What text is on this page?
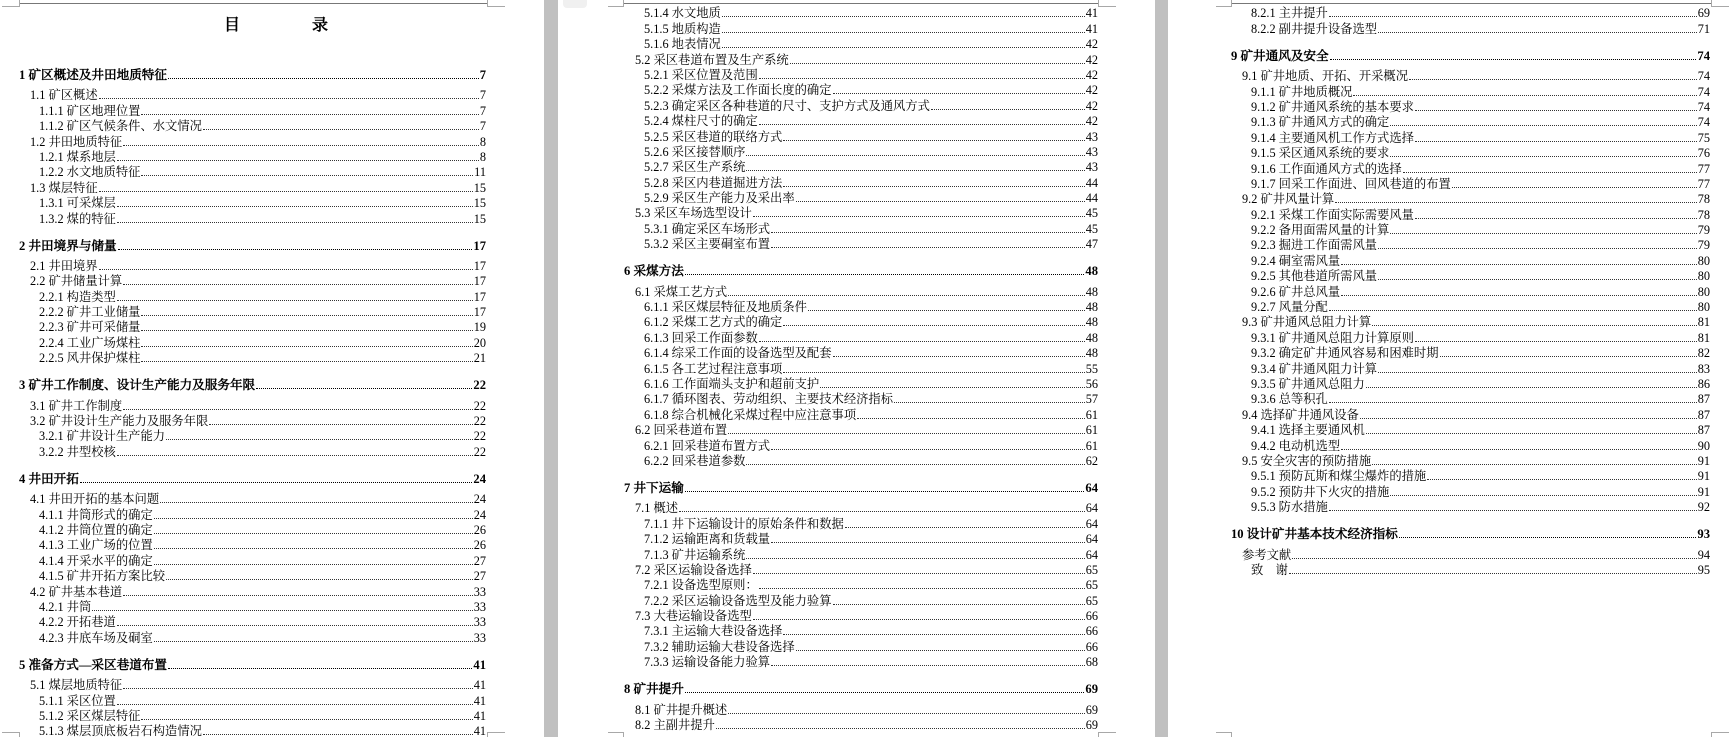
目　录
1 矿区概述及井田地质特征	7
1.1 矿区概述	7
1.1.1 矿区地理位置	7
1.1.2 矿区气候条件、水文情况	7
1.2 井田地质特征	8
1.2.1 煤系地层	8
1.2.2 水文地质特征	11
1.3 煤层特征	15
1.3.1 可采煤层	15
1.3.2 煤的特征	15
2 井田境界与储量	17
2.1 井田境界	17
2.2 矿井储量计算	17
2.2.1 构造类型	17
2.2.2 矿井工业储量	17
2.2.3 矿井可采储量	19
2.2.4 工业广场煤柱	20
2.2.5 风井保护煤柱	21
3 矿井工作制度、设计生产能力及服务年限	22
3.1 矿井工作制度	22
3.2 矿井设计生产能力及服务年限	22
3.2.1 矿井设计生产能力	22
3.2.2 井型校核	22
4 井田开拓	24
4.1 井田开拓的基本问题	24
4.1.1 井筒形式的确定	24
4.1.2 井筒位置的确定	26
4.1.3 工业广场的位置	26
4.1.4 开采水平的确定	27
4.1.5 矿井开拓方案比较	27
4.2 矿井基本巷道	33
4.2.1 井筒	33
4.2.2 开拓巷道	33
4.2.3 井底车场及硐室	33
5 准备方式—采区巷道布置	41
5.1 煤层地质特征	41
5.1.1 采区位置	41
5.1.2 采区煤层特征	41
5.1.3 煤层顶底板岩石构造情况	41
5.1.4 水文地质	41
5.1.5 地质构造	41
5.1.6 地表情况	42
5.2 采区巷道布置及生产系统	42
5.2.1 采区位置及范围	42
5.2.2 采煤方法及工作面长度的确定	42
5.2.3 确定采区各种巷道的尺寸、支护方式及通风方式	42
5.2.4 煤柱尺寸的确定	42
5.2.5 采区巷道的联络方式	43
5.2.6 采区接替顺序	43
5.2.7 采区生产系统	43
5.2.8 采区内巷道掘进方法	44
5.2.9 采区生产能力及采出率	44
5.3 采区车场选型设计	45
5.3.1 确定采区车场形式	45
5.3.2 采区主要硐室布置	47
6 采煤方法	48
6.1 采煤工艺方式	48
6.1.1 采区煤层特征及地质条件	48
6.1.2 采煤工艺方式的确定	48
6.1.3 回采工作面参数	48
6.1.4 综采工作面的设备选型及配套	48
6.1.5 各工艺过程注意事项	55
6.1.6 工作面端头支护和超前支护	56
6.1.7 循环图表、劳动组织、主要技术经济指标	57
6.1.8 综合机械化采煤过程中应注意事项	61
6.2 回采巷道布置	61
6.2.1 回采巷道布置方式	61
6.2.2 回采巷道参数	62
7 井下运输	64
7.1 概述	64
7.1.1 井下运输设计的原始条件和数据	64
7.1.2 运输距离和货载量	64
7.1.3 矿井运输系统	64
7.2 采区运输设备选择	65
7.2.1 设备选型原则：	65
7.2.2 采区运输设备选型及能力验算	65
7.3 大巷运输设备选型	66
7.3.1 主运输大巷设备选择	66
7.3.2 辅助运输大巷设备选择	66
7.3.3 运输设备能力验算	68
8 矿井提升	69
8.1 矿井提升概述	69
8.2 主副井提升	69
8.2.1 主井提升	69
8.2.2 副井提升设备选型	71
9 矿井通风及安全	74
9.1 矿井地质、开拓、开采概况	74
9.1.1 矿井地质概况	74
9.1.2 矿井通风系统的基本要求	74
9.1.3 矿井通风方式的确定	74
9.1.4 主要通风机工作方式选择	75
9.1.5 采区通风系统的要求	76
9.1.6 工作面通风方式的选择	77
9.1.7 回采工作面进、回风巷道的布置	77
9.2 矿井风量计算	78
9.2.1 采煤工作面实际需要风量	78
9.2.2 备用面需风量的计算	79
9.2.3 掘进工作面需风量	79
9.2.4 硐室需风量	80
9.2.5 其他巷道所需风量	80
9.2.6 矿井总风量	80
9.2.7 风量分配	80
9.3 矿井通风总阻力计算	81
9.3.1 矿井通风总阻力计算原则	81
9.3.2 确定矿井通风容易和困难时期	82
9.3.4 矿井通风阻力计算	83
9.3.5 矿井通风总阻力	86
9.3.6 总等积孔	87
9.4 选择矿井通风设备	87
9.4.1 选择主要通风机	87
9.4.2 电动机选型	90
9.5 安全灾害的预防措施	91
9.5.1 预防瓦斯和煤尘爆炸的措施	91
9.5.2 预防井下火灾的措施	91
9.5.3 防水措施	92
10 设计矿井基本技术经济指标	93
参考文献	94
致　谢	95
